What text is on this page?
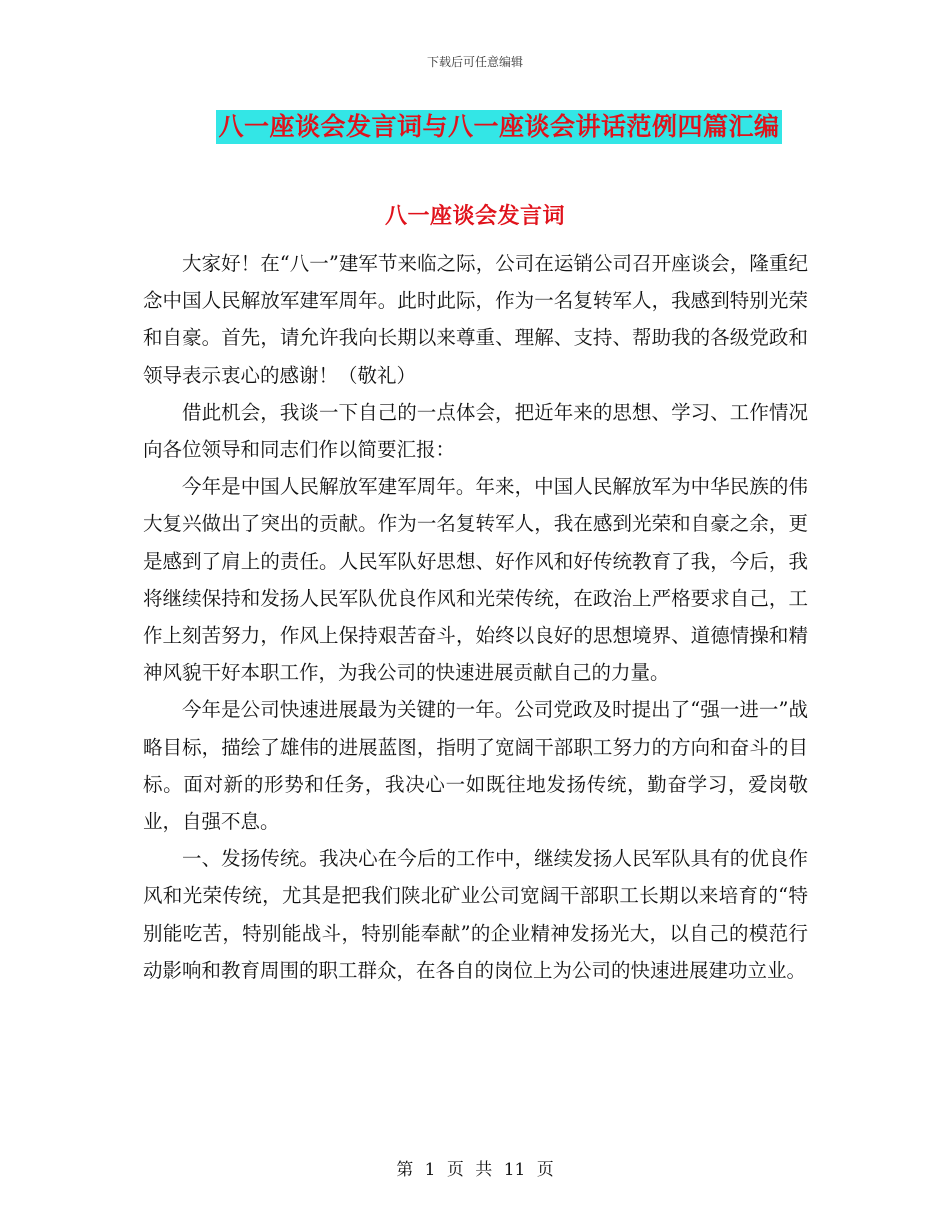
下载后可任意编辑
八一座谈会发言词与八一座谈会讲话范例四篇汇编
八一座谈会发言词

大家好！在“八一”建军节来临之际，公司在运销公司召开座谈会，隆重纪念中国人民解放军建军周年。此时此际，作为一名复转军人，我感到特别光荣和自豪。首先，请允许我向长期以来尊重、理解、支持、帮助我的各级党政和领导表示衷心的感谢！（敬礼）

借此机会，我谈一下自己的一点体会，把近年来的思想、学习、工作情况向各位领导和同志们作以简要汇报：

今年是中国人民解放军建军周年。年来，中国人民解放军为中华民族的伟大复兴做出了突出的贡献。作为一名复转军人，我在感到光荣和自豪之余，更是感到了肩上的责任。人民军队好思想、好作风和好传统教育了我，今后，我将继续保持和发扬人民军队优良作风和光荣传统，在政治上严格要求自己，工作上刻苦努力，作风上保持艰苦奋斗，始终以良好的思想境界、道德情操和精神风貌干好本职工作，为我公司的快速进展贡献自己的力量。

今年是公司快速进展最为关键的一年。公司党政及时提出了“强一进一”战略目标，描绘了雄伟的进展蓝图，指明了宽阔干部职工努力的方向和奋斗的目标。面对新的形势和任务，我决心一如既往地发扬传统，勤奋学习，爱岗敬业，自强不息。

一、发扬传统。我决心在今后的工作中，继续发扬人民军队具有的优良作风和光荣传统，尤其是把我们陕北矿业公司宽阔干部职工长期以来培育的“特别能吃苦，特别能战斗，特别能奉献”的企业精神发扬光大，以自己的模范行动影响和教育周围的职工群众，在各自的岗位上为公司的快速进展建功立业。

第 1 页 共 11 页
